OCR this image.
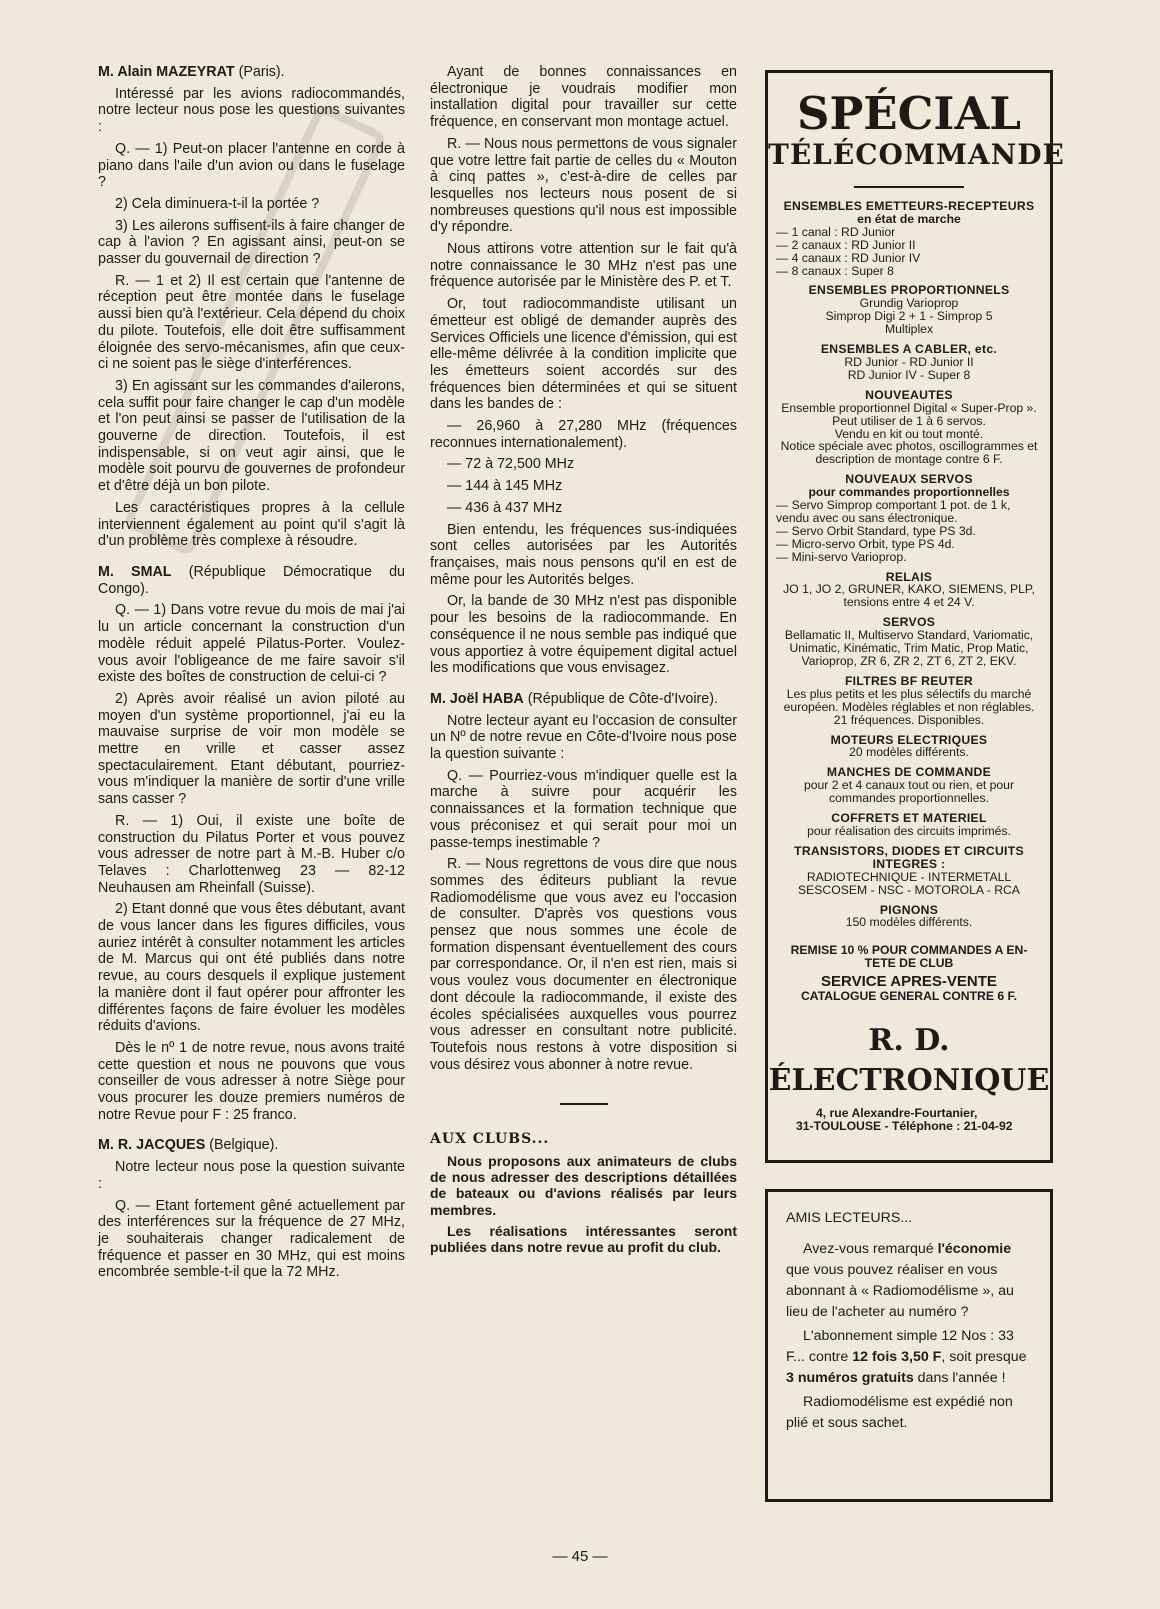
M. Alain MAZEYRAT (Paris).

Intéressé par les avions radiocommandés, notre lecteur nous pose les questions suivantes :

Q. — 1) Peut-on placer l'antenne en corde à piano dans l'aile d'un avion ou dans le fuselage ?

2) Cela diminuera-t-il la portée ?

3) Les ailerons suffisent-ils à faire changer de cap à l'avion ? En agissant ainsi, peut-on se passer du gouvernail de direction ?

R. — 1 et 2) Il est certain que l'antenne de réception peut être montée dans le fuselage aussi bien qu'à l'extérieur. Cela dépend du choix du pilote. Toutefois, elle doit être suffisamment éloignée des servo-mécanismes, afin que ceux-ci ne soient pas le siège d'interférences.

3) En agissant sur les commandes d'ailerons, cela suffit pour faire changer le cap d'un modèle et l'on peut ainsi se passer de l'utilisation de la gouverne de direction. Toutefois, il est indispensable, si on veut agir ainsi, que le modèle soit pourvu de gouvernes de profondeur et d'être déjà un bon pilote.

Les caractéristiques propres à la cellule interviennent également au point qu'il s'agit là d'un problème très complexe à résoudre.

M. SMAL (République Démocratique du Congo).

Q. — 1) Dans votre revue du mois de mai j'ai lu un article concernant la construction d'un modèle réduit appelé Pilatus-Porter. Voulez-vous avoir l'obligeance de me faire savoir s'il existe des boîtes de construction de celui-ci ?

2) Après avoir réalisé un avion piloté au moyen d'un système proportionnel, j'ai eu la mauvaise surprise de voir mon modèle se mettre en vrille et casser assez spectaculairement. Etant débutant, pourriez-vous m'indiquer la manière de sortir d'une vrille sans casser ?

R. — 1) Oui, il existe une boîte de construction du Pilatus Porter et vous pouvez vous adresser de notre part à M.-B. Huber c/o Telaves : Charlottenweg 23 — 82-12 Neuhausen am Rheinfall (Suisse).

2) Etant donné que vous êtes débutant, avant de vous lancer dans les figures difficiles, vous auriez intérêt à consulter notamment les articles de M. Marcus qui ont été publiés dans notre revue, au cours desquels il explique justement la manière dont il faut opérer pour affronter les différentes façons de faire évoluer les modèles réduits d'avions.

Dès le nº 1 de notre revue, nous avons traité cette question et nous ne pouvons que vous conseiller de vous adresser à notre Siège pour vous procurer les douze premiers numéros de notre Revue pour F : 25 franco.

M. R. JACQUES (Belgique).

Notre lecteur nous pose la question suivante :

Q. — Etant fortement gêné actuellement par des interférences sur la fréquence de 27 MHz, je souhaiterais changer radicalement de fréquence et passer en 30 MHz, qui est moins encombrée semble-t-il que la 72 MHz.

Ayant de bonnes connaissances en électronique je voudrais modifier mon installation digital pour travailler sur cette fréquence, en conservant mon montage actuel.

R. — Nous nous permettons de vous signaler que votre lettre fait partie de celles du « Mouton à cinq pattes », c'est-à-dire de celles par lesquelles nos lecteurs nous posent de si nombreuses questions qu'il nous est impossible d'y répondre.

Nous attirons votre attention sur le fait qu'à notre connaissance le 30 MHz n'est pas une fréquence autorisée par le Ministère des P. et T.

Or, tout radiocommandiste utilisant un émetteur est obligé de demander auprès des Services Officiels une licence d'émission, qui est elle-même délivrée à la condition implicite que les émetteurs soient accordés sur des fréquences bien déterminées et qui se situent dans les bandes de :

— 26,960 à 27,280 MHz (fréquences reconnues internationalement).

— 72 à 72,500 MHz

— 144 à 145 MHz

— 436 à 437 MHz

Bien entendu, les fréquences sus-indiquées sont celles autorisées par les Autorités françaises, mais nous pensons qu'il en est de même pour les Autorités belges.

Or, la bande de 30 MHz n'est pas disponible pour les besoins de la radiocommande. En conséquence il ne nous semble pas indiqué que vous apportiez à votre équipement digital actuel les modifications que vous envisagez.

M. Joël HABA (République de Côte-d'Ivoire).

Notre lecteur ayant eu l'occasion de consulter un Nº de notre revue en Côte-d'Ivoire nous pose la question suivante :

Q. — Pourriez-vous m'indiquer quelle est la marche à suivre pour acquérir les connaissances et la formation technique que vous préconisez et qui serait pour moi un passe-temps inestimable ?

R. — Nous regrettons de vous dire que nous sommes des éditeurs publiant la revue Radiomodélisme que vous avez eu l'occasion de consulter. D'après vos questions vous pensez que nous sommes une école de formation dispensant éventuellement des cours par correspondance. Or, il n'en est rien, mais si vous voulez vous documenter en électronique dont découle la radiocommande, il existe des écoles spécialisées auxquelles vous pourrez vous adresser en consultant notre publicité. Toutefois nous restons à votre disposition si vous désirez vous abonner à notre revue.

AUX CLUBS...

Nous proposons aux animateurs de clubs de nous adresser des descriptions détaillées de bateaux ou d'avions réalisés par leurs membres.

Les réalisations intéressantes seront publiées dans notre revue au profit du club.

SPÉCIAL
TÉLÉCOMMANDE
ENSEMBLES EMETTEURS-RECEPTEURS
en état de marche
— 1 canal : RD Junior
— 2 canaux : RD Junior II
— 4 canaux : RD Junior IV
— 8 canaux : Super 8
ENSEMBLES PROPORTIONNELS
Grundig Varioprop
Simprop Digi 2 + 1 - Simprop 5
Multiplex
ENSEMBLES A CABLER, etc.
RD Junior - RD Junior II
RD Junior IV - Super 8
NOUVEAUTES
Ensemble proportionnel Digital « Super-Prop ». Peut utiliser de 1 à 6 servos.
Vendu en kit ou tout monté.
Notice spéciale avec photos, oscillogrammes et description de montage contre 6 F.
NOUVEAUX SERVOS
pour commandes proportionnelles
— Servo Simprop comportant 1 pot. de 1 k, vendu avec ou sans électronique.
— Servo Orbit Standard, type PS 3d.
— Micro-servo Orbit, type PS 4d.
— Mini-servo Varioprop.
RELAIS
JO 1, JO 2, GRUNER, KAKO, SIEMENS, PLP, tensions entre 4 et 24 V.
SERVOS
Bellamatic II, Multiservo Standard, Variomatic, Unimatic, Kinématic, Trim Matic, Prop Matic, Varioprop, ZR 6, ZR 2, ZT 6, ZT 2, EKV.
FILTRES BF REUTER
Les plus petits et les plus sélectifs du marché européen. Modèles réglables et non réglables. 21 fréquences. Disponibles.
MOTEURS ELECTRIQUES
20 modèles différents.
MANCHES DE COMMANDE
pour 2 et 4 canaux tout ou rien, et pour commandes proportionnelles.
COFFRETS ET MATERIEL
pour réalisation des circuits imprimés.
TRANSISTORS, DIODES ET CIRCUITS INTEGRES :
RADIOTECHNIQUE - INTERMETALL
SESCOSEM - NSC - MOTOROLA - RCA
PIGNONS
150 modèles différents.
REMISE 10 % POUR COMMANDES A EN-TETE DE CLUB
SERVICE APRES-VENTE
CATALOGUE GENERAL CONTRE 6 F.
R. D. ÉLECTRONIQUE
4, rue Alexandre-Fourtanier,
31-TOULOUSE - Téléphone : 21-04-92
AMIS LECTEURS...

Avez-vous remarqué l'économie que vous pouvez réaliser en vous abonnant à « Radiomodélisme », au lieu de l'acheter au numéro ?

L'abonnement simple 12 Nos : 33 F... contre 12 fois 3,50 F, soit presque 3 numéros gratuits dans l'année !

Radiomodélisme est expédié non plié et sous sachet.

— 45 —
